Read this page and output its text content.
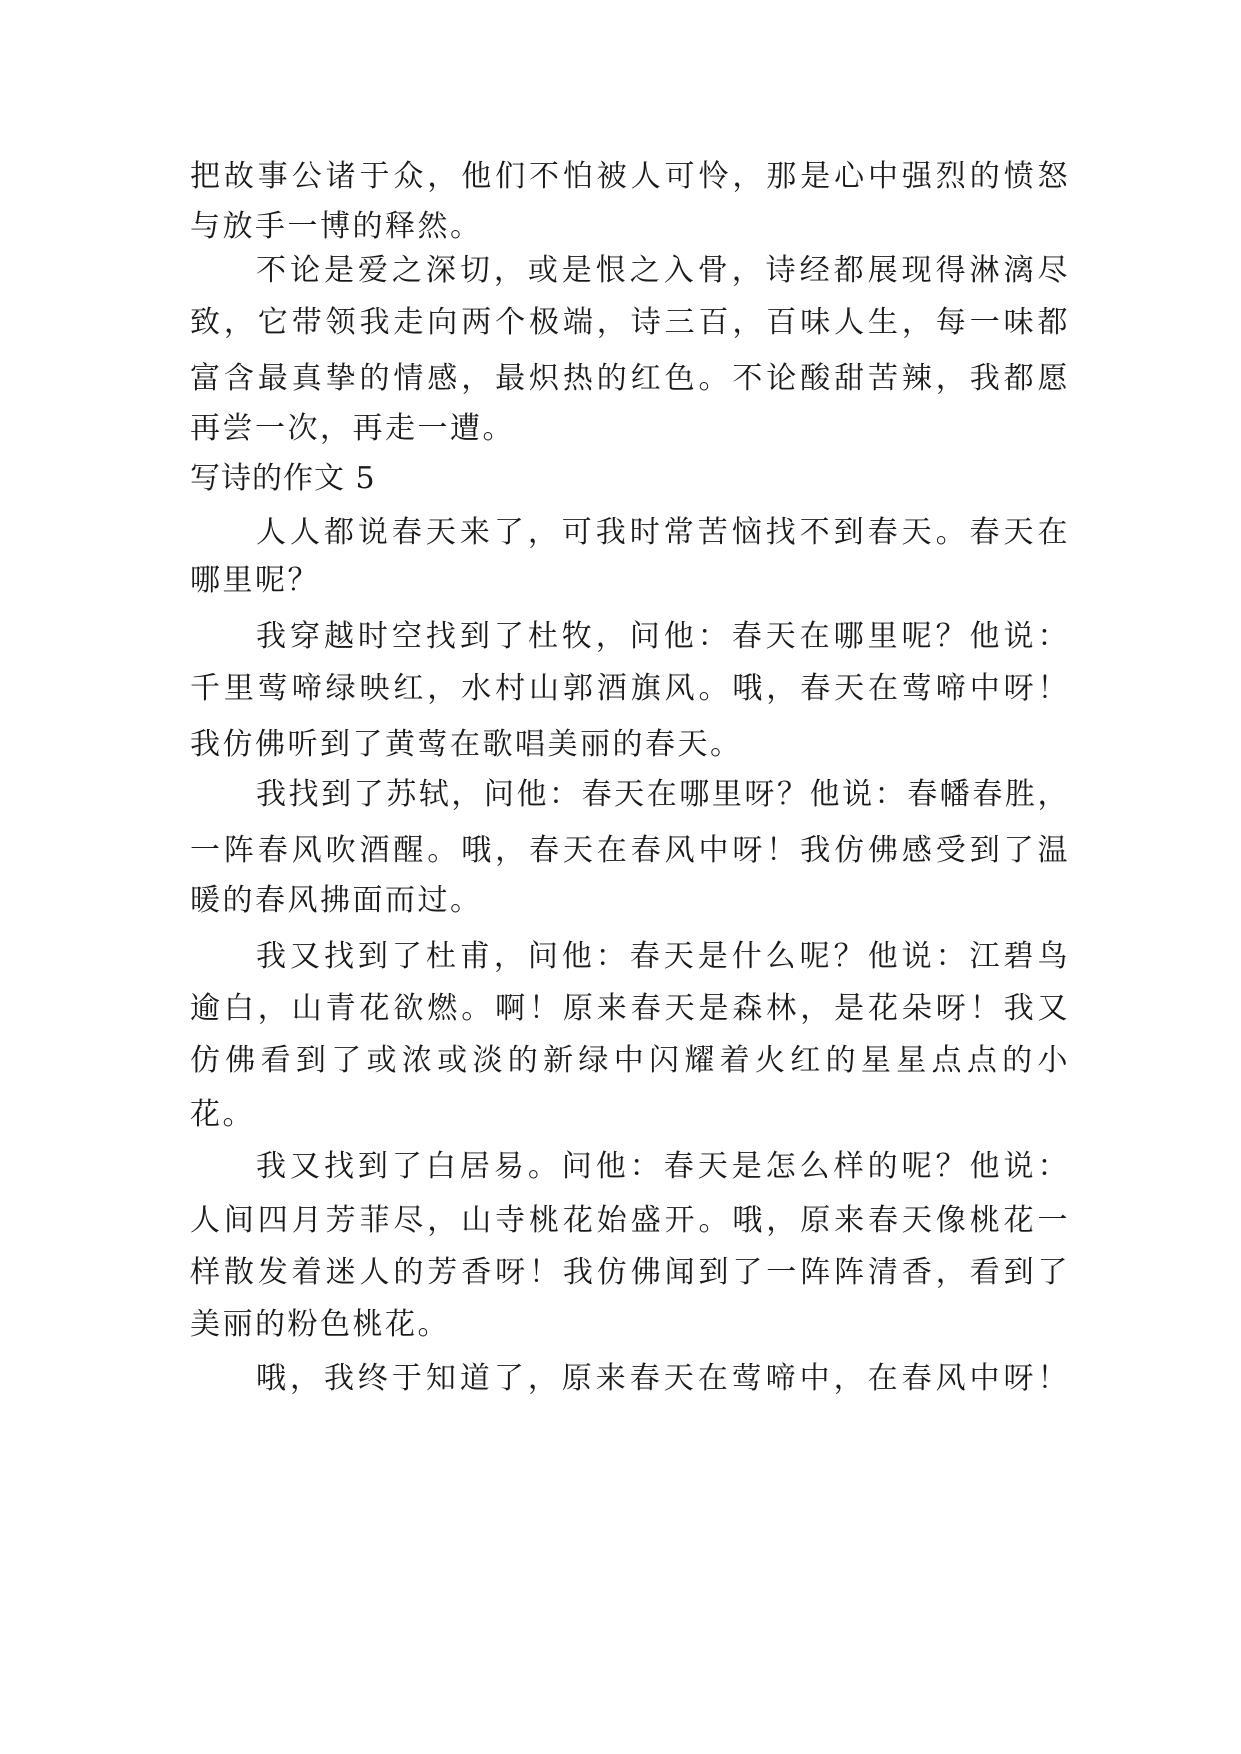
把故事公诸于众，他们不怕被人可怜，那是心中强烈的愤怒
与放手一博的释然。
不论是爱之深切，或是恨之入骨，诗经都展现得淋漓尽
致，它带领我走向两个极端，诗三百，百味人生，每一味都
富含最真挚的情感，最炽热的红色。不论酸甜苦辣，我都愿
再尝一次，再走一遭。
写诗的作文 5
人人都说春天来了，可我时常苦恼找不到春天。春天在
哪里呢？
我穿越时空找到了杜牧，问他：春天在哪里呢？他说：
千里莺啼绿映红，水村山郭酒旗风。哦，春天在莺啼中呀！
我仿佛听到了黄莺在歌唱美丽的春天。
我找到了苏轼，问他：春天在哪里呀？他说：春幡春胜，
一阵春风吹酒醒。哦，春天在春风中呀！我仿佛感受到了温
暖的春风拂面而过。
我又找到了杜甫，问他：春天是什么呢？他说：江碧鸟
逾白，山青花欲燃。啊！原来春天是森林，是花朵呀！我又
仿佛看到了或浓或淡的新绿中闪耀着火红的星星点点的小
花。
我又找到了白居易。问他：春天是怎么样的呢？他说：
人间四月芳菲尽，山寺桃花始盛开。哦，原来春天像桃花一
样散发着迷人的芳香呀！我仿佛闻到了一阵阵清香，看到了
美丽的粉色桃花。
哦，我终于知道了，原来春天在莺啼中，在春风中呀！
